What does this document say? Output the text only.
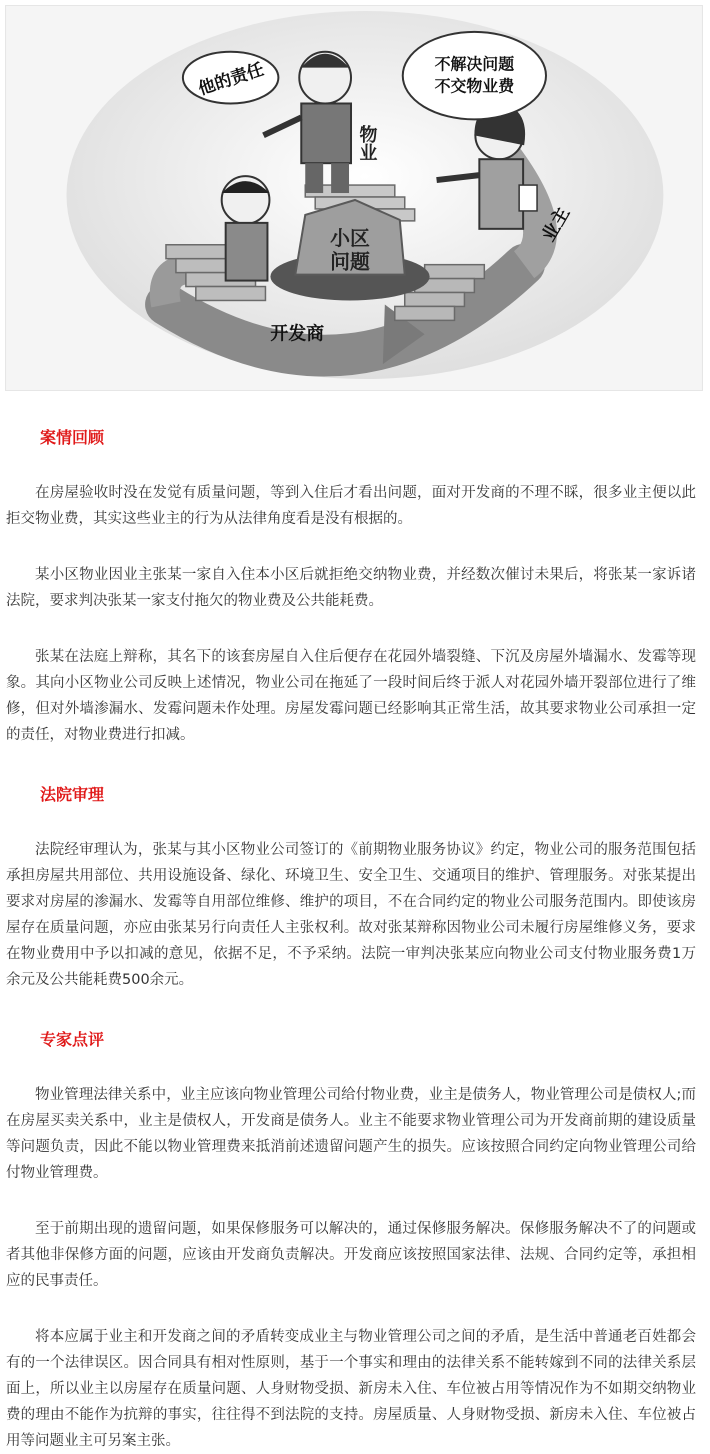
小区
问题
物业
他的责任	不解决问题
不交物业费
业主
开发商
案情回顾

在房屋验收时没在发觉有质量问题，等到入住后才看出问题，面对开发商的不理不睬，很多业主便以此拒交物业费，其实这些业主的行为从法律角度看是没有根据的。

某小区物业因业主张某一家自入住本小区后就拒绝交纳物业费，并经数次催讨未果后，将张某一家诉诸法院，要求判决张某一家支付拖欠的物业费及公共能耗费。

张某在法庭上辩称，其名下的该套房屋自入住后便存在花园外墙裂缝、下沉及房屋外墙漏水、发霉等现象。其向小区物业公司反映上述情况，物业公司在拖延了一段时间后终于派人对花园外墙开裂部位进行了维修，但对外墙渗漏水、发霉问题未作处理。房屋发霉问题已经影响其正常生活，故其要求物业公司承担一定的责任，对物业费进行扣减。

法院审理

法院经审理认为，张某与其小区物业公司签订的《前期物业服务协议》约定，物业公司的服务范围包括承担房屋共用部位、共用设施设备、绿化、环境卫生、安全卫生、交通项目的维护、管理服务。对张某提出要求对房屋的渗漏水、发霉等自用部位维修、维护的项目，不在合同约定的物业公司服务范围内。即使该房屋存在质量问题，亦应由张某另行向责任人主张权利。故对张某辩称因物业公司未履行房屋维修义务，要求在物业费用中予以扣减的意见，依据不足，不予采纳。法院一审判决张某应向物业公司支付物业服务费1万余元及公共能耗费500余元。

专家点评

物业管理法律关系中，业主应该向物业管理公司给付物业费，业主是债务人，物业管理公司是债权人;而在房屋买卖关系中，业主是债权人，开发商是债务人。业主不能要求物业管理公司为开发商前期的建设质量等问题负责，因此不能以物业管理费来抵消前述遗留问题产生的损失。应该按照合同约定向物业管理公司给付物业管理费。

至于前期出现的遗留问题，如果保修服务可以解决的，通过保修服务解决。保修服务解决不了的问题或者其他非保修方面的问题，应该由开发商负责解决。开发商应该按照国家法律、法规、合同约定等，承担相应的民事责任。

将本应属于业主和开发商之间的矛盾转变成业主与物业管理公司之间的矛盾，是生活中普通老百姓都会有的一个法律误区。因合同具有相对性原则，基于一个事实和理由的法律关系不能转嫁到不同的法律关系层面上，所以业主以房屋存在质量问题、人身财物受损、新房未入住、车位被占用等情况作为不如期交纳物业费的理由不能作为抗辩的事实，往往得不到法院的支持。房屋质量、人身财物受损、新房未入住、车位被占用等问题业主可另案主张。
